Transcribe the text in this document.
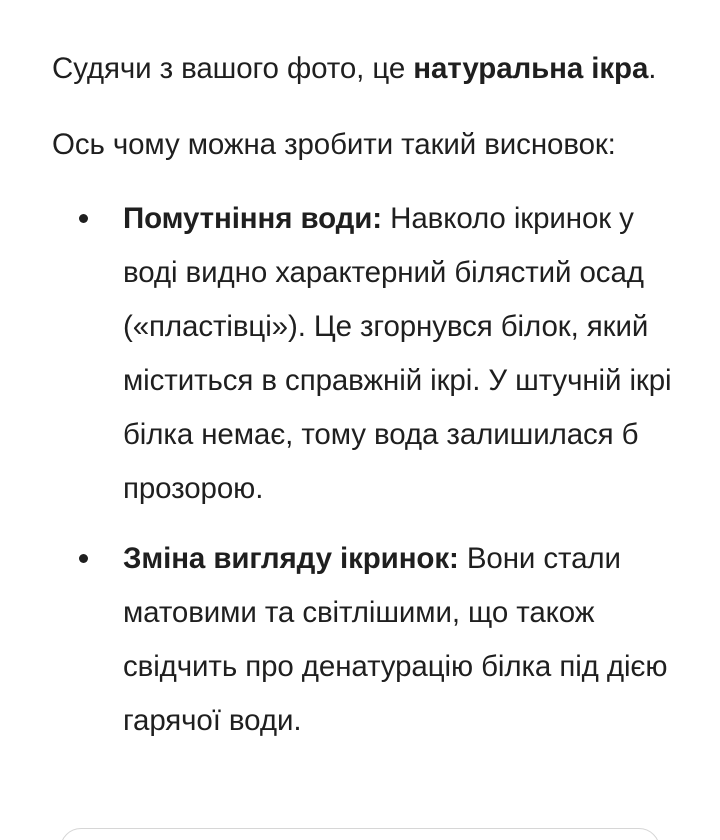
Судячи з вашого фото, це натуральна ікра.

Ось чому можна зробити такий висновок:

Помутніння води: Навколо ікринок у воді видно характерний білястий осад («пластівці»). Це згорнувся білок, який міститься в справжній ікрі. У штучній ікрі білка немає, тому вода залишилася б прозорою.
Зміна вигляду ікринок: Вони стали матовими та світлішими, що також свідчить про денатурацію білка під дією гарячої води.
